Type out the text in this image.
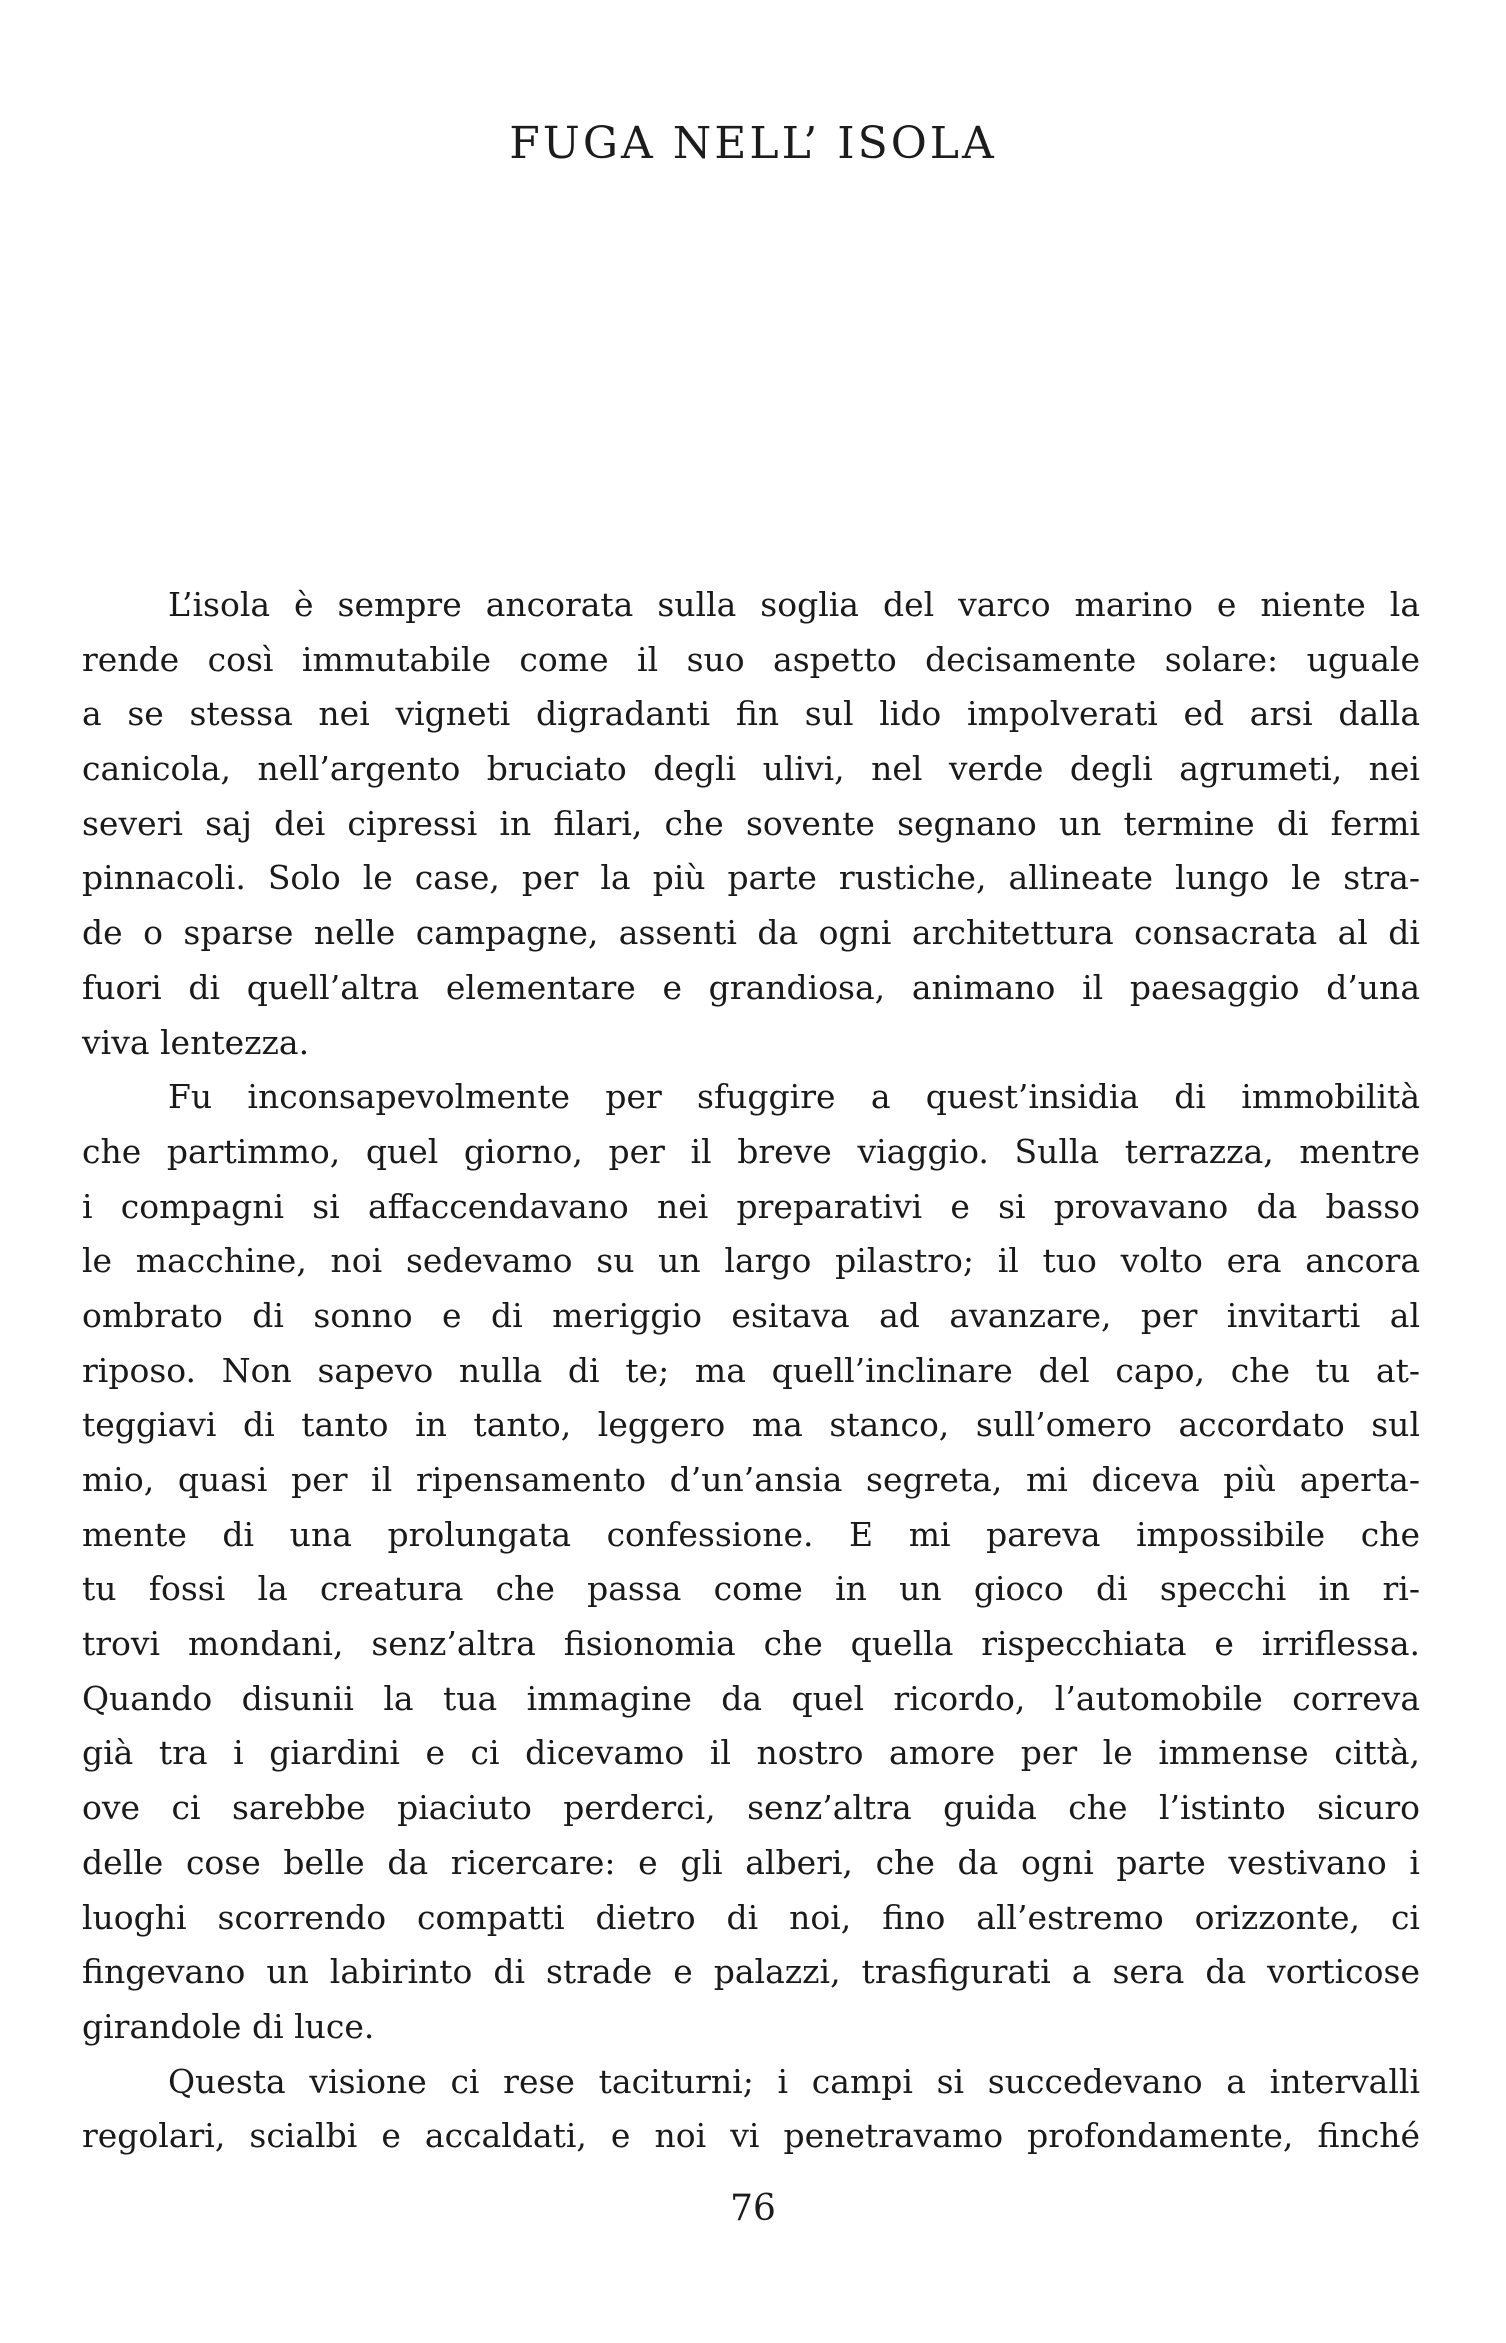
FUGA NELL’ ISOLA
L’isola è sempre ancorata sulla soglia del varco marino e niente la
rende così immutabile come il suo aspetto decisamente solare: uguale
a se stessa nei vigneti digradanti fin sul lido impolverati ed arsi dalla
canicola, nell’argento bruciato degli ulivi, nel verde degli agrumeti, nei
severi saj dei cipressi in filari, che sovente segnano un termine di fermi
pinnacoli. Solo le case, per la più parte rustiche, allineate lungo le stra-
de o sparse nelle campagne, assenti da ogni architettura consacrata al di
fuori di quell’altra elementare e grandiosa, animano il paesaggio d’una
viva lentezza.
Fu inconsapevolmente per sfuggire a quest’insidia di immobilità
che partimmo, quel giorno, per il breve viaggio. Sulla terrazza, mentre
i compagni si affaccendavano nei preparativi e si provavano da basso
le macchine, noi sedevamo su un largo pilastro; il tuo volto era ancora
ombrato di sonno e di meriggio esitava ad avanzare, per invitarti al
riposo. Non sapevo nulla di te; ma quell’inclinare del capo, che tu at-
teggiavi di tanto in tanto, leggero ma stanco, sull’omero accordato sul
mio, quasi per il ripensamento d’un’ansia segreta, mi diceva più aperta-
mente di una prolungata confessione. E mi pareva impossibile che
tu fossi la creatura che passa come in un gioco di specchi in ri-
trovi mondani, senz’altra fisionomia che quella rispecchiata e irriflessa.
Quando disunii la tua immagine da quel ricordo, l’automobile correva
già tra i giardini e ci dicevamo il nostro amore per le immense città,
ove ci sarebbe piaciuto perderci, senz’altra guida che l’istinto sicuro
delle cose belle da ricercare: e gli alberi, che da ogni parte vestivano i
luoghi scorrendo compatti dietro di noi, fino all’estremo orizzonte, ci
fingevano un labirinto di strade e palazzi, trasfigurati a sera da vorticose
girandole di luce.
Questa visione ci rese taciturni; i campi si succedevano a intervalli
regolari, scialbi e accaldati, e noi vi penetravamo profondamente, finché

76
